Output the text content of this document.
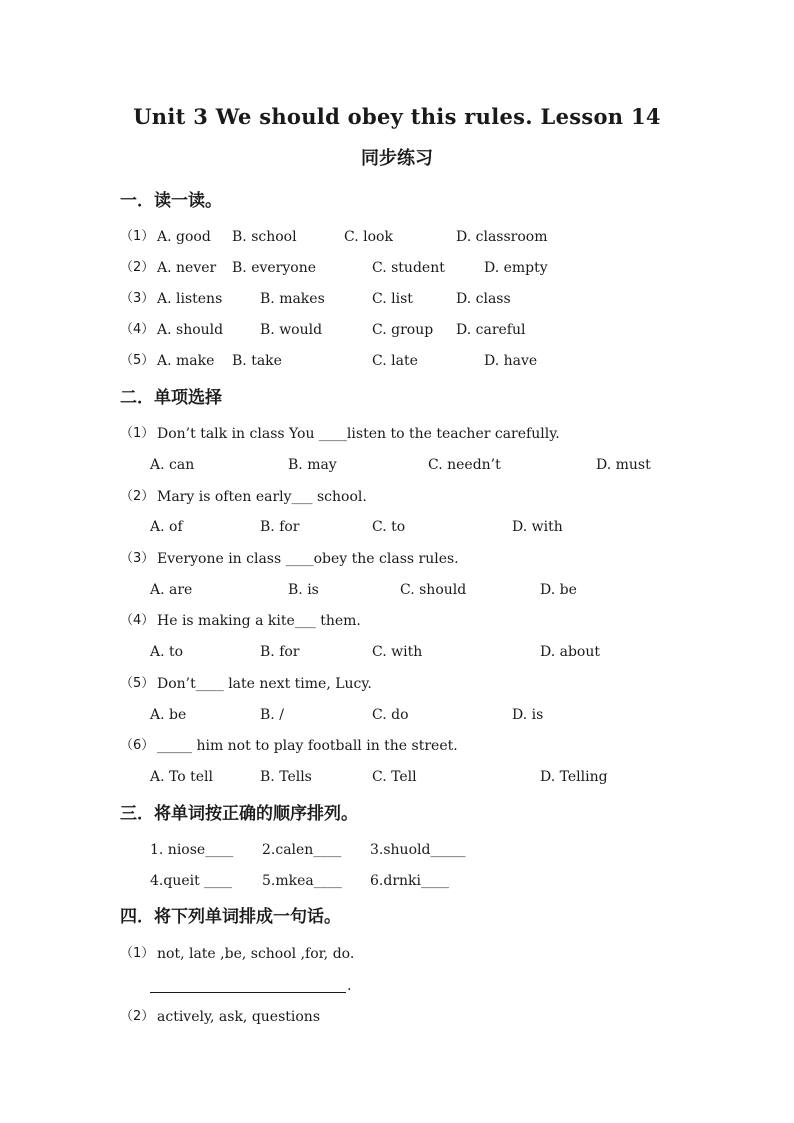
Unit 3 We should obey this rules. Lesson 14
同步练习
一．读一读。
（1） A. good B. school	C. look	D. classroom
（2） A. never B. everyone	C. student	D. empty
（3） A. listens	B. makes	C. list	D. class
（4） A. should	B. would	C. group D. careful
（5） A. make B. take	C. late	D. have
二．单项选择
（1） Don’t talk in class You ____listen to the teacher carefully.
A. can	B. may	C. needn’t	D. must
（2） Mary is often early___ school.
A. of	B. for	C. to	D. with
（3） Everyone in class ____obey the class rules.
A. are	B. is	C. should	D. be
（4） He is making a kite___ them.
A. to	B. for	C. with	D. about
（5） Don’t____ late next time, Lucy.
A. be	B. /	C. do	D. is
（6） _____ him not to play football in the street.
A. To tell	B. Tells	C. Tell	D. Telling
三．将单词按正确的顺序排列。
1. niose____ 2.calen____ 3.shuold_____
4.queit ____ 5.mkea____ 6.drnki____
四．将下列单词排成一句话。
（1） not, late ,be, school ,for, do.
.
（2） actively, ask, questions
